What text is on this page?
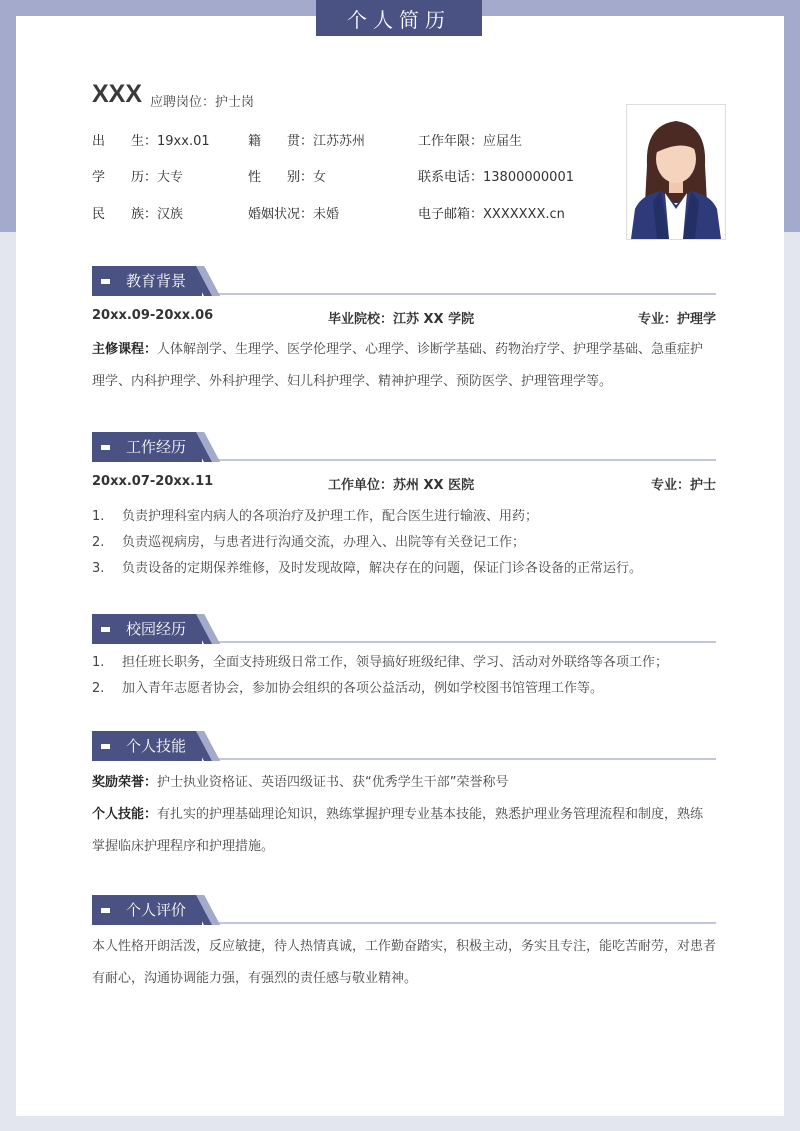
个人简历
XXX 应聘岗位：护士岗
出　　生：19xx.01	籍　　贯：江苏苏州	工作年限：应届生
学　　历：大专	性　　别：女	联系电话：13800000001
民　　族：汉族	婚姻状况：未婚	电子邮箱：XXXXXXX.cn
教育背景
20xx.09-20xx.06	毕业院校：江苏 XX 学院	专业：护理学
主修课程：人体解剖学、生理学、医学伦理学、心理学、诊断学基础、药物治疗学、护理学基础、急重症护理学、内科护理学、外科护理学、妇儿科护理学、精神护理学、预防医学、护理管理学等。
工作经历
20xx.07-20xx.11	工作单位：苏州 XX 医院	专业：护士
1. 负责护理科室内病人的各项治疗及护理工作，配合医生进行输液、用药；
2. 负责巡视病房，与患者进行沟通交流，办理入、出院等有关登记工作；
3. 负责设备的定期保养维修，及时发现故障，解决存在的问题，保证门诊各设备的正常运行。
校园经历
1. 担任班长职务，全面支持班级日常工作，领导搞好班级纪律、学习、活动对外联络等各项工作；
2. 加入青年志愿者协会，参加协会组织的各项公益活动，例如学校图书馆管理工作等。
个人技能
奖励荣誉：护士执业资格证、英语四级证书、获“优秀学生干部”荣誉称号
个人技能：有扎实的护理基础理论知识，熟练掌握护理专业基本技能，熟悉护理业务管理流程和制度，熟练掌握临床护理程序和护理措施。
个人评价
本人性格开朗活泼，反应敏捷，待人热情真诚，工作勤奋踏实，积极主动，务实且专注，能吃苦耐劳，对患者有耐心，沟通协调能力强，有强烈的责任感与敬业精神。
